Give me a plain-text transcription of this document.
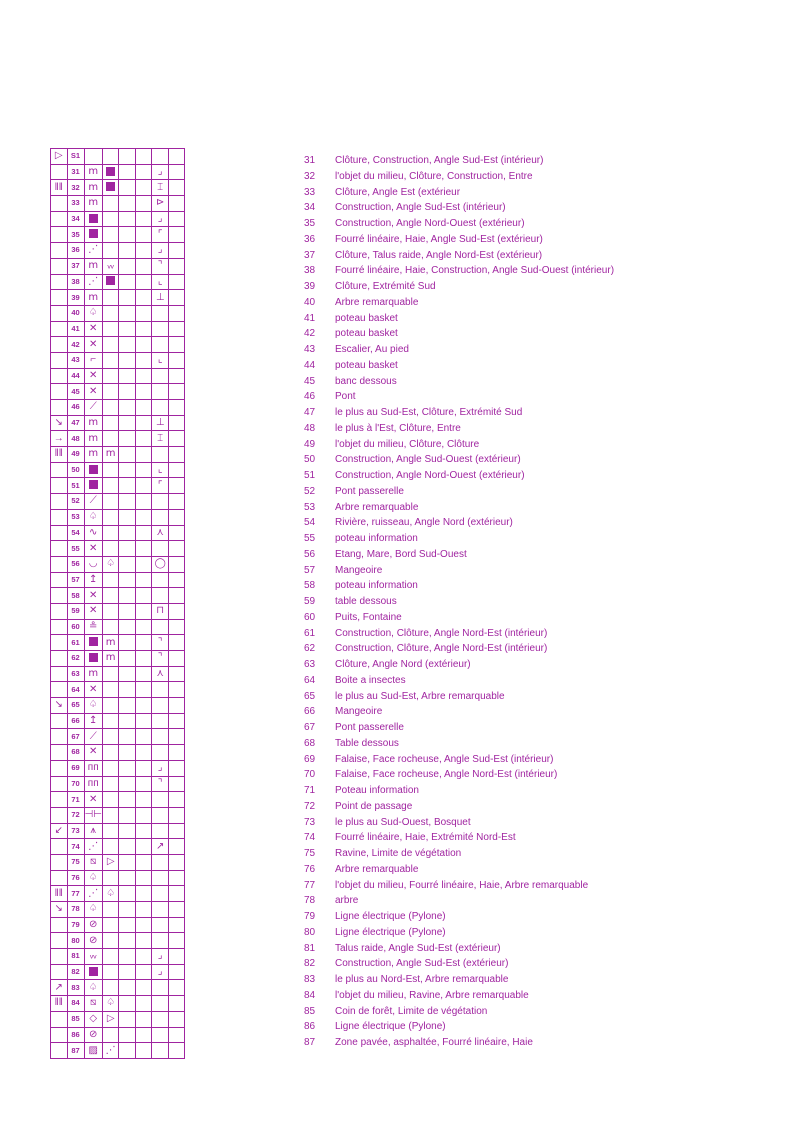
▷	S1						
	31	ⅿ				⌟	
ǁǁ	32	ⅿ				⌶	
	33	ⅿ				⊳	
	34					⌟	
	35					⌜	
	36	⋰				⌟	
	37	ⅿ	ᵥᵥ			⌝	
	38	⋰				⌞	
	39	ⅿ				⊥	
	40	♤					
	41	✕					
	42	✕					
	43	⌐				⌞	
	44	✕					
	45	✕					
	46	⟋					
↘	47	ⅿ				⊥	
→	48	ⅿ				⌶	
ǁǁ	49	ⅿ	ⅿ				
	50					⌞	
	51					⌜	
	52	⟋					
	53	♤					
	54	∿				⋏	
	55	✕					
	56	◡	♤			◯	
	57	↥					
	58	✕					
	59	✕				⊓	
	60	≗					
	61		ⅿ			⌝	
	62		ⅿ			⌝	
	63	ⅿ				⋏	
	64	✕					
↘	65	♤					
	66	↥					
	67	⟋					
	68	✕					
	69	ᴨᴨ				⌟	
	70	ᴨᴨ				⌝	
	71	✕					
	72	⊣⊢					
↙	73	⩚					
	74	⋰				↗	
	75	⧅	▷				
	76	♤					
ǁǁ	77	⋰	♤				
↘	78	♤					
	79	⊘					
	80	⊘					
	81	ᵥᵥ				⌟	
	82					⌟	
↗	83	♤					
ǁǁ	84	⧅	♤				
	85	◇	▷				
	86	⊘					
	87	▨	⋰				
31 Clôture, Construction, Angle Sud-Est (intérieur)
32 l'objet du milieu, Clôture, Construction, Entre
33 Clôture, Angle Est (extérieur
34 Construction, Angle Sud-Est (intérieur)
35 Construction, Angle Nord-Ouest (extérieur)
36 Fourré linéaire, Haie, Angle Sud-Est (extérieur)
37 Clôture, Talus raide, Angle Nord-Est (extérieur)
38 Fourré linéaire, Haie, Construction, Angle Sud-Ouest (intérieur)
39 Clôture, Extrémité Sud
40 Arbre remarquable
41 poteau basket
42 poteau basket
43 Escalier, Au pied
44 poteau basket
45 banc dessous
46 Pont
47 le plus au Sud-Est, Clôture, Extrémité Sud
48 le plus à l'Est, Clôture, Entre
49 l'objet du milieu, Clôture, Clôture
50 Construction, Angle Sud-Ouest (extérieur)
51 Construction, Angle Nord-Ouest (extérieur)
52 Pont passerelle
53 Arbre remarquable
54 Rivière, ruisseau, Angle Nord (extérieur)
55 poteau information
56 Etang, Mare, Bord Sud-Ouest
57 Mangeoire
58 poteau information
59 table dessous
60 Puits, Fontaine
61 Construction, Clôture, Angle Nord-Est (intérieur)
62 Construction, Clôture, Angle Nord-Est (intérieur)
63 Clôture, Angle Nord (extérieur)
64 Boite a insectes
65 le plus au Sud-Est, Arbre remarquable
66 Mangeoire
67 Pont passerelle
68 Table dessous
69 Falaise, Face rocheuse, Angle Sud-Est (intérieur)
70 Falaise, Face rocheuse, Angle Nord-Est (intérieur)
71 Poteau information
72 Point de passage
73 le plus au Sud-Ouest, Bosquet
74 Fourré linéaire, Haie, Extrémité Nord-Est
75 Ravine, Limite de végétation
76 Arbre remarquable
77 l'objet du milieu, Fourré linéaire, Haie, Arbre remarquable
78 arbre
79 Ligne électrique (Pylone)
80 Ligne électrique (Pylone)
81 Talus raide, Angle Sud-Est (extérieur)
82 Construction, Angle Sud-Est (extérieur)
83 le plus au Nord-Est, Arbre remarquable
84 l'objet du milieu, Ravine, Arbre remarquable
85 Coin de forêt, Limite de végétation
86 Ligne électrique (Pylone)
87 Zone pavée, asphaltée, Fourré linéaire, Haie
